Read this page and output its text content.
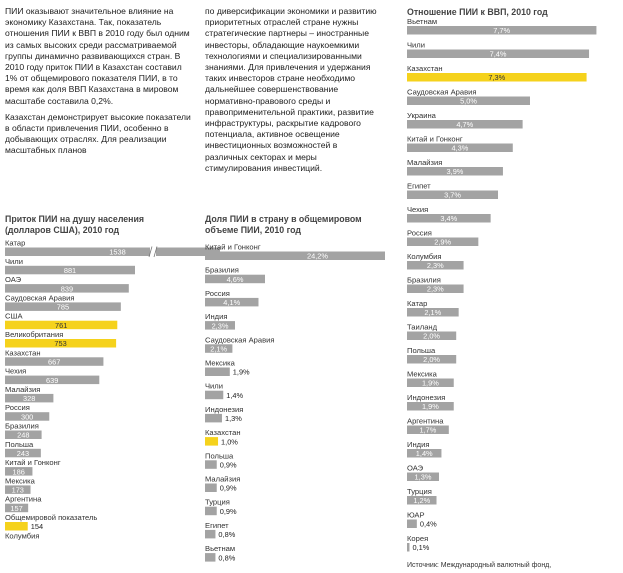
ПИИ оказывают значительное влияние на экономику Казахстана. Так, показатель отношения ПИИ к ВВП в 2010 году был одним из самых высоких среди рассматриваемой группы динамично развивающихся стран. В 2010 году приток ПИИ в Казахстан составил 1% от общемирового показателя ПИИ, в то время как доля ВВП Казахстана в мировом масштабе составила 0,2%.

Казахстан демонстрирует высокие показатели в области привлечения ПИИ, особенно в добывающих отраслях. Для реализации масштабных планов

по диверсификации экономики и развитию приоритетных отраслей стране нужны стратегические партнеры – иностранные инвесторы, обладающие наукоемкими технологиями и специализированными знаниями. Для привлечения и удержания таких инвесторов стране необходимо дальнейшее совершенствование нормативно-правового среды и правоприменительной практики, развитие инфраструктуры, раскрытие кадрового потенциала, активное освещение инвестиционных возможностей в различных секторах и меры стимулирования инвестиций.

Приток ПИИ на душу населения
(долларов США), 2010 год
Доля ПИИ в страну в общемировом
объеме ПИИ, 2010 год
Отношение ПИИ к ВВП, 2010 год
Катар
1538
Чили
881
ОАЭ
839
Саудовская Аравия
785
США
761
Великобритания
753
Казахстан
667
Чехия
639
Малайзия
328
Россия
300
Бразилия
248
Польша
243
Китай и Гонконг
186
Мексика
173
Аргентина
157
Общемировой показатель
154
Колумбия
Китай и Гонконг
24,2%
Бразилия
4,6%
Россия
4,1%
Индия
2,3%
Саудовская Аравия
2,1%
Мексика
1,9%
Чили
1,4%
Индонезия
1,3%
Казахстан
1,0%
Польша
0,9%
Малайзия
0,9%
Турция
0,9%
Египет
0,8%
Вьетнам
0,8%
Вьетнам
7,7%
Чили
7,4%
Казахстан
7,3%
Саудовская Аравия
5,0%
Украина
4,7%
Китай и Гонконг
4,3%
Малайзия
3,9%
Египет
3,7%
Чехия
3,4%
Россия
2,9%
Колумбия
2,3%
Бразилия
2,3%
Катар
2,1%
Таиланд
2,0%
Польша
2,0%
Мексика
1,9%
Индонезия
1,9%
Аргентина
1,7%
Индия
1,4%
ОАЭ
1,3%
Турция
1,2%
ЮАР
0,4%
Корея
0,1%
Источник: Международный валютный фонд,
